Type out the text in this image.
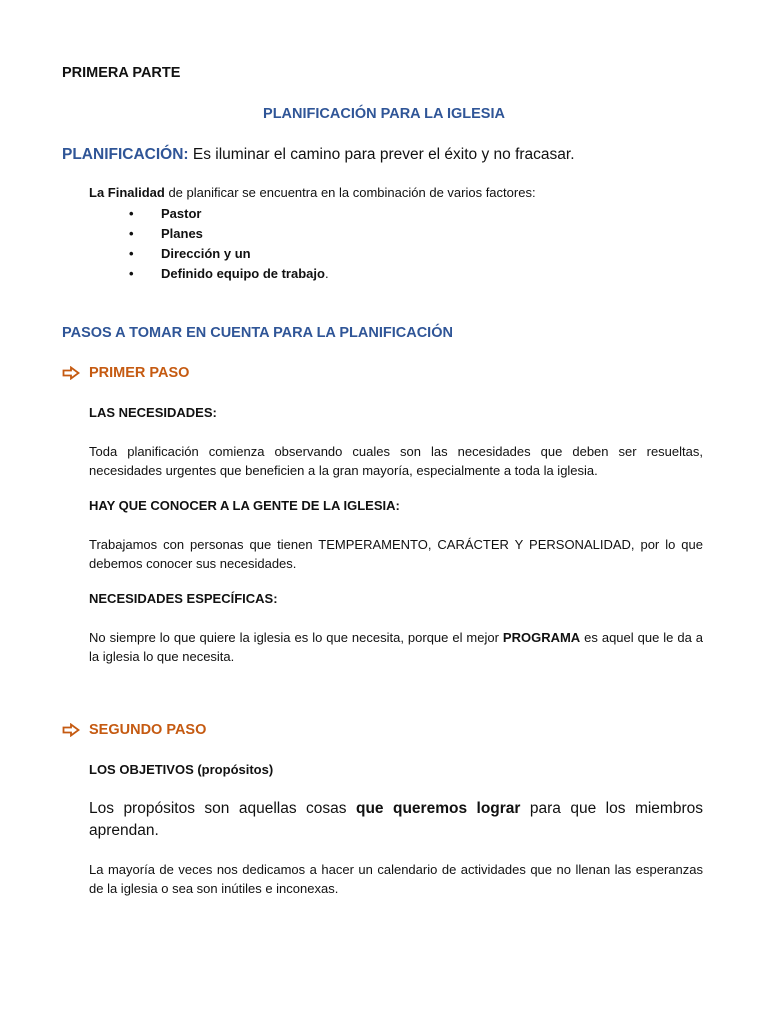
PRIMERA PARTE
PLANIFICACIÓN PARA LA IGLESIA
PLANIFICACIÓN: Es iluminar el camino para prever el éxito y no fracasar.
La Finalidad de planificar se encuentra en la combinación de varios factores:
• Pastor
• Planes
• Dirección y un
• Definido equipo de trabajo.
PASOS A TOMAR EN CUENTA PARA LA PLANIFICACIÓN
PRIMER PASO
LAS NECESIDADES:
Toda planificación comienza observando cuales son las necesidades que deben ser resueltas, necesidades urgentes que beneficien a la gran mayoría, especialmente a toda la iglesia.
HAY QUE CONOCER A LA GENTE DE LA IGLESIA:
Trabajamos con personas que tienen TEMPERAMENTO, CARÁCTER Y PERSONALIDAD, por lo que debemos conocer sus necesidades.
NECESIDADES ESPECÍFICAS:
No siempre lo que quiere la iglesia es lo que necesita, porque el mejor PROGRAMA es aquel que le da a la iglesia lo que necesita.
SEGUNDO PASO
LOS OBJETIVOS (propósitos)
Los propósitos son aquellas cosas que queremos lograr para que los miembros aprendan.
La mayoría de veces nos dedicamos a hacer un calendario de actividades que no llenan las esperanzas de la iglesia o sea son inútiles e inconexas.
